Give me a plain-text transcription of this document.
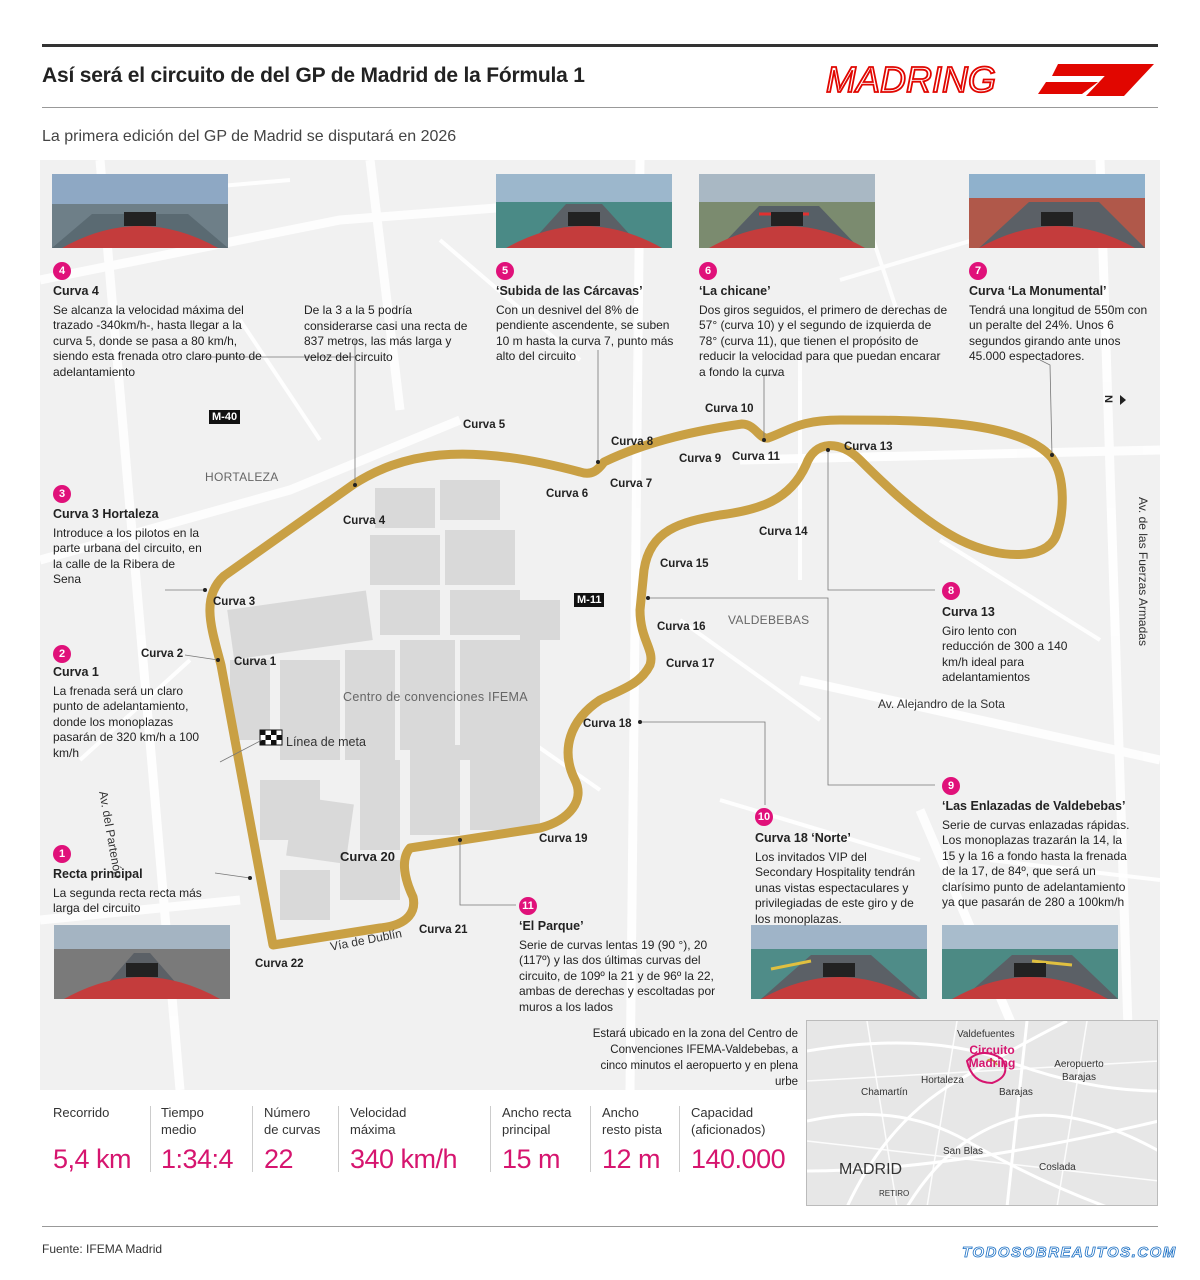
Así será el circuito de del GP de Madrid de la Fórmula 1	MADRING
La primera edición del GP de Madrid se disputará en 2026
4
Curva 4
Se alcanza la velocidad máxima del trazado -340km/h-, hasta llegar a la curva 5, donde se pasa a 80 km/h, siendo esta frenada otro claro punto de adelantamiento
De la 3 a la 5 podría considerarse casi una recta de 837 metros, las más larga y veloz del circuito
5
‘Subida de las Cárcavas’
Con un desnivel del 8% de pendiente ascendente, se suben 10 m hasta la curva 7, punto más alto del circuito
6
‘La chicane’
Dos giros seguidos, el primero de derechas de 57° (curva 10) y el segundo de izquierda de 78° (curva 11), que tienen el propósito de reducir la velocidad para que puedan encarar a fondo la curva
7
Curva ‘La Monumental’
Tendrá una longitud de 550m con un peralte del 24%. Unos 6 segundos girando ante unos 45.000 espectadores.
3
Curva 3 Hortaleza
Introduce a los pilotos en la parte urbana del circuito, en la calle de la Ribera de Sena
2
Curva 1
La frenada será un claro punto de adelantamiento, donde los monoplazas pasarán de 320 km/h a 100 km/h
1
Recta principal
La segunda recta recta más larga del circuito
8
Curva 13
Giro lento con reducción de 300 a 140 km/h ideal para adelantamientos
9
‘Las Enlazadas de Valdebebas’
Serie de curvas enlazadas rápidas. Los monoplazas trazarán la 14, la 15 y la 16 a fondo hasta la frenada de la 17, de 84º, que será un clarísimo punto de adelantamiento ya que pasarán de 280 a 100km/h
10
Curva 18 ‘Norte’
Los invitados VIP del Secondary Hospitality tendrán unas vistas espectaculares y privilegiadas de este giro y de los monoplazas.
11
‘El Parque’
Serie de curvas lentas 19 (90 °), 20 (117º) y las dos últimas curvas del circuito, de 109º la 21 y de 96º la 22, ambas de derechas y escoltadas por muros a los lados
Curva 1
Curva 2
Curva 3
Curva 4
Curva 5
Curva 6
Curva 7
Curva 8
Curva 9
Curva 10
Curva 11
Curva 13
Curva 14
Curva 15
Curva 16
Curva 17
Curva 18
Curva 19
Curva 20
Curva 21
Curva 22
HORTALEZA
VALDEBEBAS
Centro de convenciones IFEMA
Av. del Partenón
Vía de Dublín
Av. Alejandro de la Sota
Av. de las Fuerzas Armadas
M-40
M-11
Línea de meta
N
Estará ubicado en la zona del Centro de Convenciones IFEMA-Valdebebas, a cinco minutos el aeropuerto y en plena urbe
Valdefuentes
Circuito Madring
Hortaleza
Aeropuerto Barajas
Chamartín	Barajas
San Blas
Coslada
MADRID
RETIRO
Recorrido

5,4 km
Tiempo
medio
1:34:4
Número
de curvas
22
Velocidad
máxima
340 km/h
Ancho recta
principal
15 m
Ancho
resto pista
12 m
Capacidad
(aficionados)
140.000
Fuente: IFEMA Madrid	TODOSOBREAUTOS.COM
